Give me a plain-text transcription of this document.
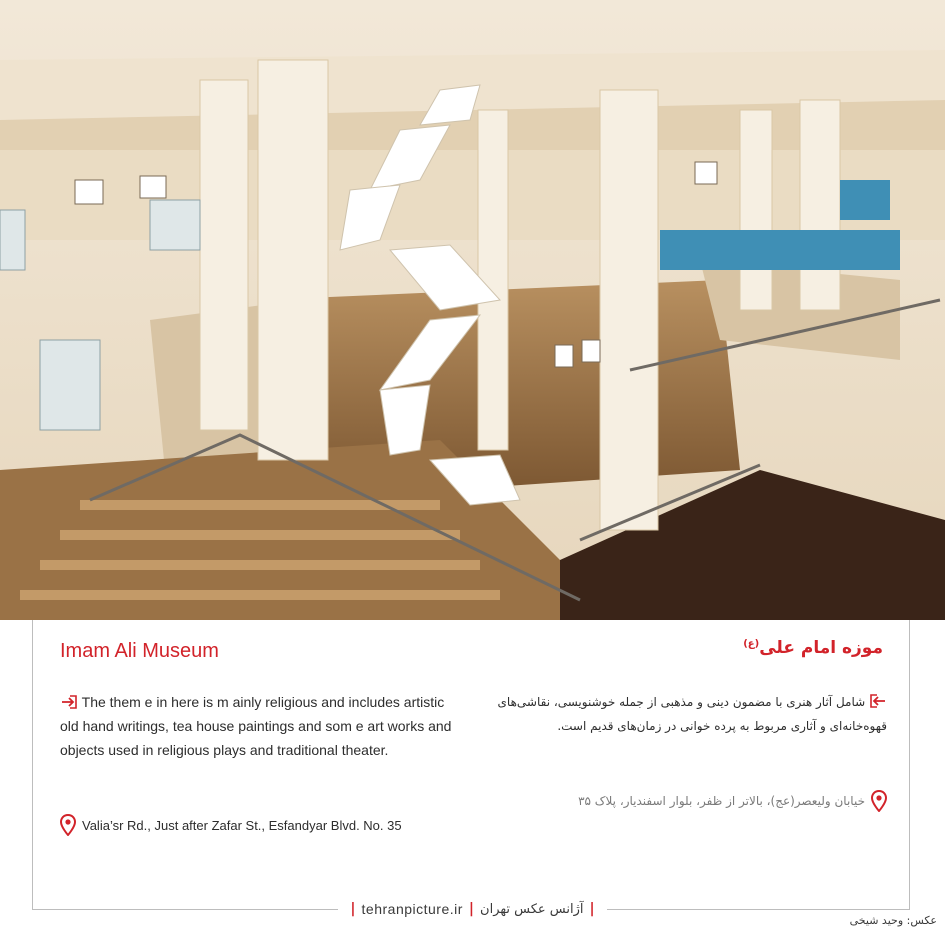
Imam Ali Museum	موزه امام علی$^{(ع)}$
The them e in here is m ainly religious and includes artistic old hand writings, tea house paintings and som e art works and objects used in religious plays and traditional theater.
شامل آثار هنری با مضمون دینی و مذهبی از جمله خوشنویسی، نقاشی‌های قهوه‌خانه‌ای و آثاری مربوط به پرده خوانی در زمان‌های قدیم است.
خیابان ولیعصر(عج)، بالاتر از ظفر، بلوار اسفندیار، پلاک ۳۵
Valia’sr Rd., Just after Zafar St., Esfandyar Blvd. No. 35
| tehranpicture.ir | آژانس عکس تهران |
عکس: وحید شیخی
